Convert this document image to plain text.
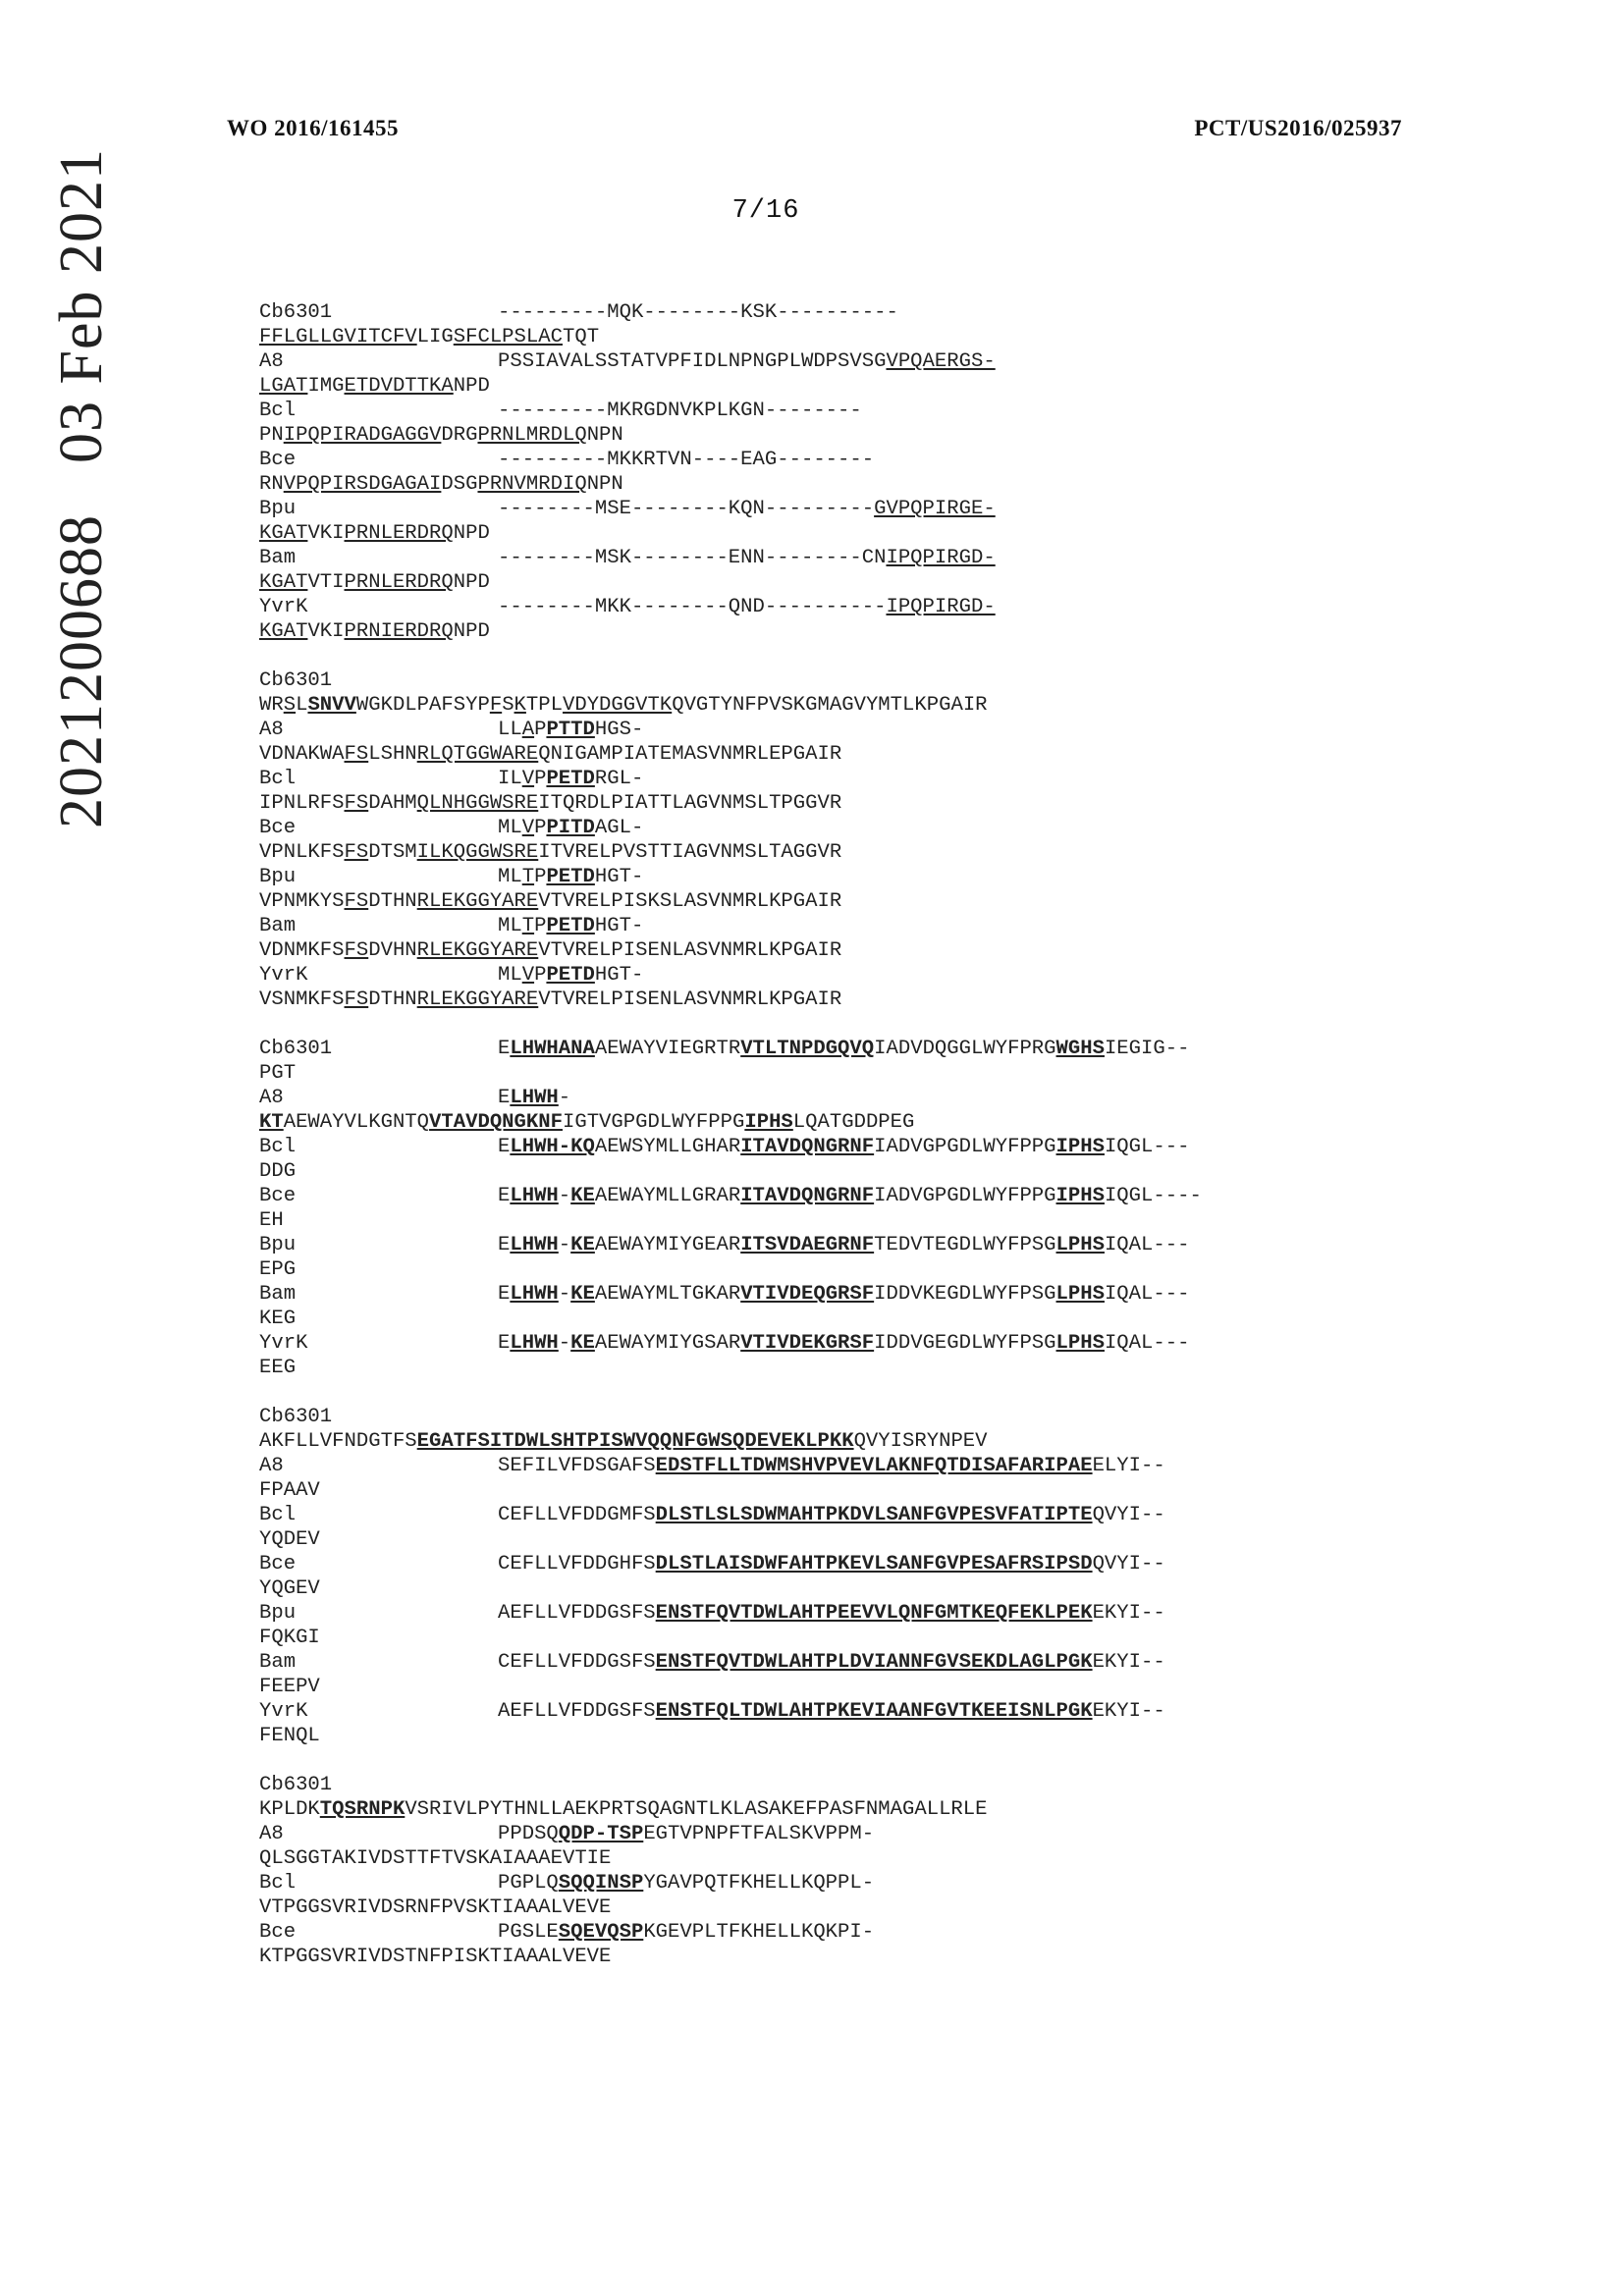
WO 2016/161455	PCT/US2016/025937
7/16
202120068803 Feb 2021	Cb6301	---------MQK--------KSK----------
FFLGLLGVITCFVLIGSFCLPSLACTQT
A8	PSSIAVALSSTATVPFIDLNPNGPLWDPSVSGVPQAERGS-
LGATIMGETDVDTTKANPD
Bcl	---------MKRGDNVKPLKGN--------
PNIPQPIRADGAGGVDRGPRNLMRDLQNPN
Bce	---------MKKRTVN----EAG--------
RNVPQPIRSDGAGAIDSGPRNVMRDIQNPN
Bpu	--------MSE--------KQN---------GVPQPIRGE-
KGATVKIPRNLERDRQNPD
Bam	--------MSK--------ENN--------CNIPQPIRGD-
KGATVTIPRNLERDRQNPD
YvrK	--------MKK--------QND----------IPQPIRGD-
KGATVKIPRNIERDRQNPD
Cb6301
WRSLSNVVWGKDLPAFSYPFSKTPLVDYDGGVTKQVGTYNFPVSKGMAGVYMTLKPGAIR
A8	LLAPPTTDHGS-
VDNAKWAFSLSHNRLQTGGWAREQNIGAMPIATEMASVNMRLEPGAIR
Bcl	ILVPPETDRGL-
IPNLRFSFSDAHMQLNHGGWSREITQRDLPIATTLAGVNMSLTPGGVR
Bce	MLVPPITDAGL-
VPNLKFSFSDTSMILKQGGWSREITVRELPVSTTIAGVNMSLTAGGVR
Bpu	MLTPPETDHGT-
VPNMKYSFSDTHNRLEKGGYAREVTVRELPISKSLASVNMRLKPGAIR
Bam	MLTPPETDHGT-
VDNMKFSFSDVHNRLEKGGYAREVTVRELPISENLASVNMRLKPGAIR
YvrK	MLVPPETDHGT-
VSNMKFSFSDTHNRLEKGGYAREVTVRELPISENLASVNMRLKPGAIR
Cb6301	ELHWHANAAEWAYVIEGRTRVTLTNPDGQVQIADVDQGGLWYFPRGWGHSIEGIG--
PGT
A8	ELHWH-
KTAEWAYVLKGNTQVTAVDQNGKNFIGTVGPGDLWYFPPGIPHSLQATGDDPEG
Bcl	ELHWH-KQAEWSYMLLGHARITAVDQNGRNFIADVGPGDLWYFPPGIPHSIQGL---
DDG
Bce	ELHWH-KEAEWAYMLLGRARITAVDQNGRNFIADVGPGDLWYFPPGIPHSIQGL----
EH
Bpu	ELHWH-KEAEWAYMIYGEARITSVDAEGRNFTEDVTEGDLWYFPSGLPHSIQAL---
EPG
Bam	ELHWH-KEAEWAYMLTGKARVTIVDEQGRSFIDDVKEGDLWYFPSGLPHSIQAL---
KEG
YvrK	ELHWH-KEAEWAYMIYGSARVTIVDEKGRSFIDDVGEGDLWYFPSGLPHSIQAL---
EEG
Cb6301
AKFLLVFNDGTFSEGATFSITDWLSHTPISWVQQNFGWSQDEVEKLPKKQVYISRYNPEV
A8	SEFILVFDSGAFSEDSTFLLTDWMSHVPVEVLAKNFQTDISAFARIPAEELYI--
FPAAV
Bcl	CEFLLVFDDGMFSDLSTLSLSDWMAHTPKDVLSANFGVPESVFATIPTEQVYI--
YQDEV
Bce	CEFLLVFDDGHFSDLSTLAISDWFAHTPKEVLSANFGVPESAFRSIPSDQVYI--
YQGEV
Bpu	AEFLLVFDDGSFSENSTFQVTDWLAHTPEEVVLQNFGMTKEQFEKLPEKEKYI--
FQKGI
Bam	CEFLLVFDDGSFSENSTFQVTDWLAHTPLDVIANNFGVSEKDLAGLPGKEKYI--
FEEPV
YvrK	AEFLLVFDDGSFSENSTFQLTDWLAHTPKEVIAANFGVTKEEISNLPGKEKYI--
FENQL
Cb6301
KPLDKTQSRNPKVSRIVLPYTHNLLAEKPRTSQAGNTLKLASAKEFPASFNMAGALLRLE
A8	PPDSQQDP-TSPEGTVPNPFTFALSKVPPM-
QLSGGTAKIVDSTTFTVSKAIAAAEVTIE
Bcl	PGPLQSQQINSPYGAVPQTFKHELLKQPPL-
VTPGGSVRIVDSRNFPVSKTIAAALVEVE
Bce	PGSLESQEVQSPKGEVPLTFKHELLKQKPI-
KTPGGSVRIVDSTNFPISKTIAAALVEVE
